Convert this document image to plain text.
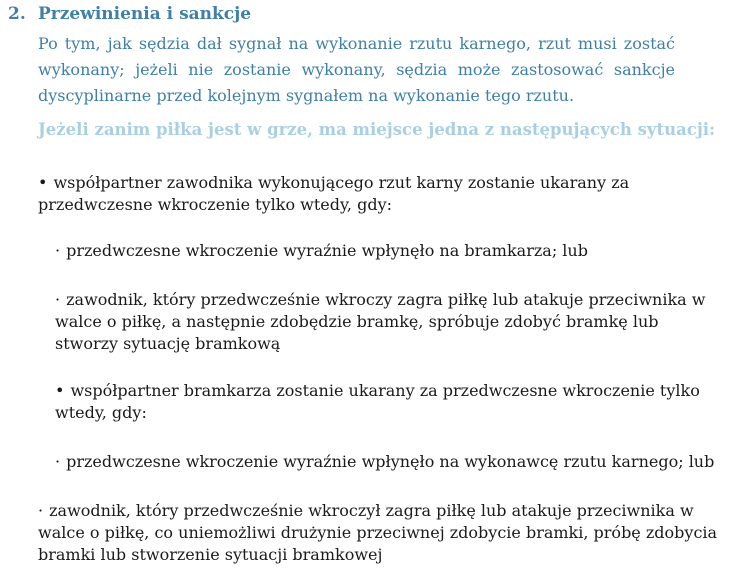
2. Przewinienia i sankcje
Po tym, jak sędzia dał sygnał na wykonanie rzutu karnego, rzut musi zostać wykonany; jeżeli nie zostanie wykonany, sędzia może zastosować sankcje dyscyplinarne przed kolejnym sygnałem na wykonanie tego rzutu.
Jeżeli zanim piłka jest w grze, ma miejsce jedna z następujących sytuacji:
• współpartner zawodnika wykonującego rzut karny zostanie ukarany za przedwczesne wkroczenie tylko wtedy, gdy:
· przedwczesne wkroczenie wyraźnie wpłynęło na bramkarza; lub
· zawodnik, który przedwcześnie wkroczy zagra piłkę lub atakuje przeciwnika w walce o piłkę, a następnie zdobędzie bramkę, spróbuje zdobyć bramkę lub stworzy sytuację bramkową
• współpartner bramkarza zostanie ukarany za przedwczesne wkroczenie tylko wtedy, gdy:
· przedwczesne wkroczenie wyraźnie wpłynęło na wykonawcę rzutu karnego; lub
· zawodnik, który przedwcześnie wkroczył zagra piłkę lub atakuje przeciwnika w walce o piłkę, co uniemożliwi drużynie przeciwnej zdobycie bramki, próbę zdobycia bramki lub stworzenie sytuacji bramkowej
